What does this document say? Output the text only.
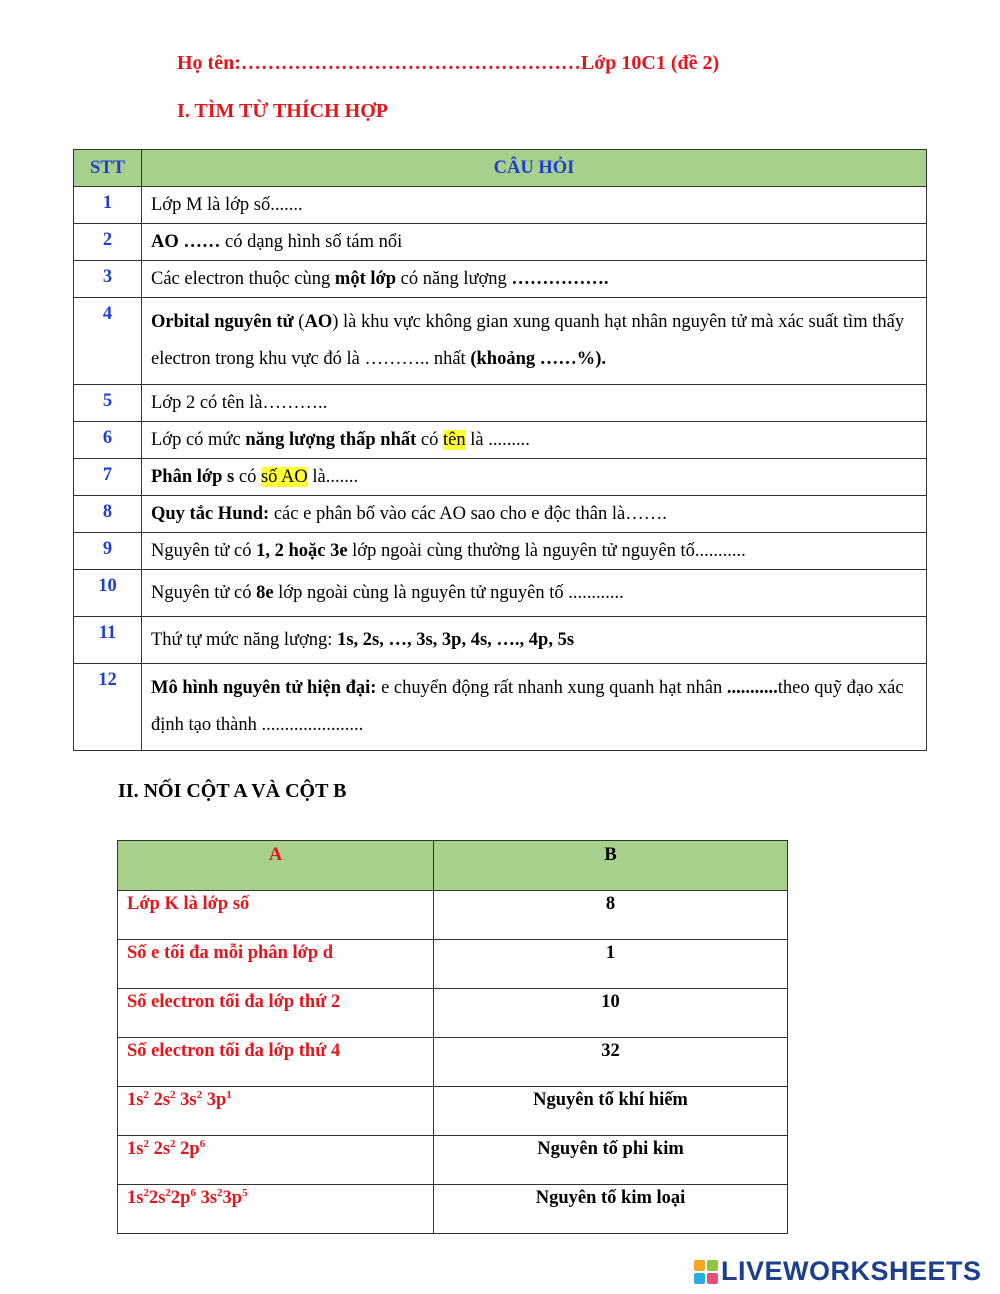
Họ tên:……………………………………………Lớp 10C1 (đề 2)
I. TÌM TỪ THÍCH HỢP
STT	CÂU HỎI
1	Lớp M là lớp số.......
2	AO …… có dạng hình số tám nổi
3	Các electron thuộc cùng một lớp có năng lượng …………….
4	Orbital nguyên tử (AO) là khu vực không gian xung quanh hạt nhân nguyên tử mà xác suất tìm thấy electron trong khu vực đó là ……….. nhất (khoảng ……%).
5	Lớp 2 có tên là………..
6	Lớp có mức năng lượng thấp nhất có tên là .........
7	Phân lớp s có số AO là.......
8	Quy tắc Hund: các e phân bố vào các AO sao cho e độc thân là…….
9	Nguyên tử có 1, 2 hoặc 3e lớp ngoài cùng thường là nguyên tử nguyên tố...........
10	Nguyên tử có 8e lớp ngoài cùng là nguyên tử nguyên tố ............
11	Thứ tự mức năng lượng: 1s, 2s, …, 3s, 3p, 4s, …., 4p, 5s
12	Mô hình nguyên tử hiện đại: e chuyển động rất nhanh xung quanh hạt nhân ...........theo quỹ đạo xác định tạo thành ......................
II. NỐI CỘT A VÀ CỘT B
A	B
Lớp K là lớp số	8
Số e tối đa mỗi phân lớp d	1
Số electron tối đa lớp thứ 2	10
Số electron tối đa lớp thứ 4	32
$1s^2$ $2s^2$ $3s^2$ $3p^1$	Nguyên tố khí hiếm
$1s^2$ $2s^2$ $2p^6$	Nguyên tố phi kim
$1s^22s^22p^6$ $3s^23p^5$	Nguyên tố kim loại
LIVEWORKSHEETS
